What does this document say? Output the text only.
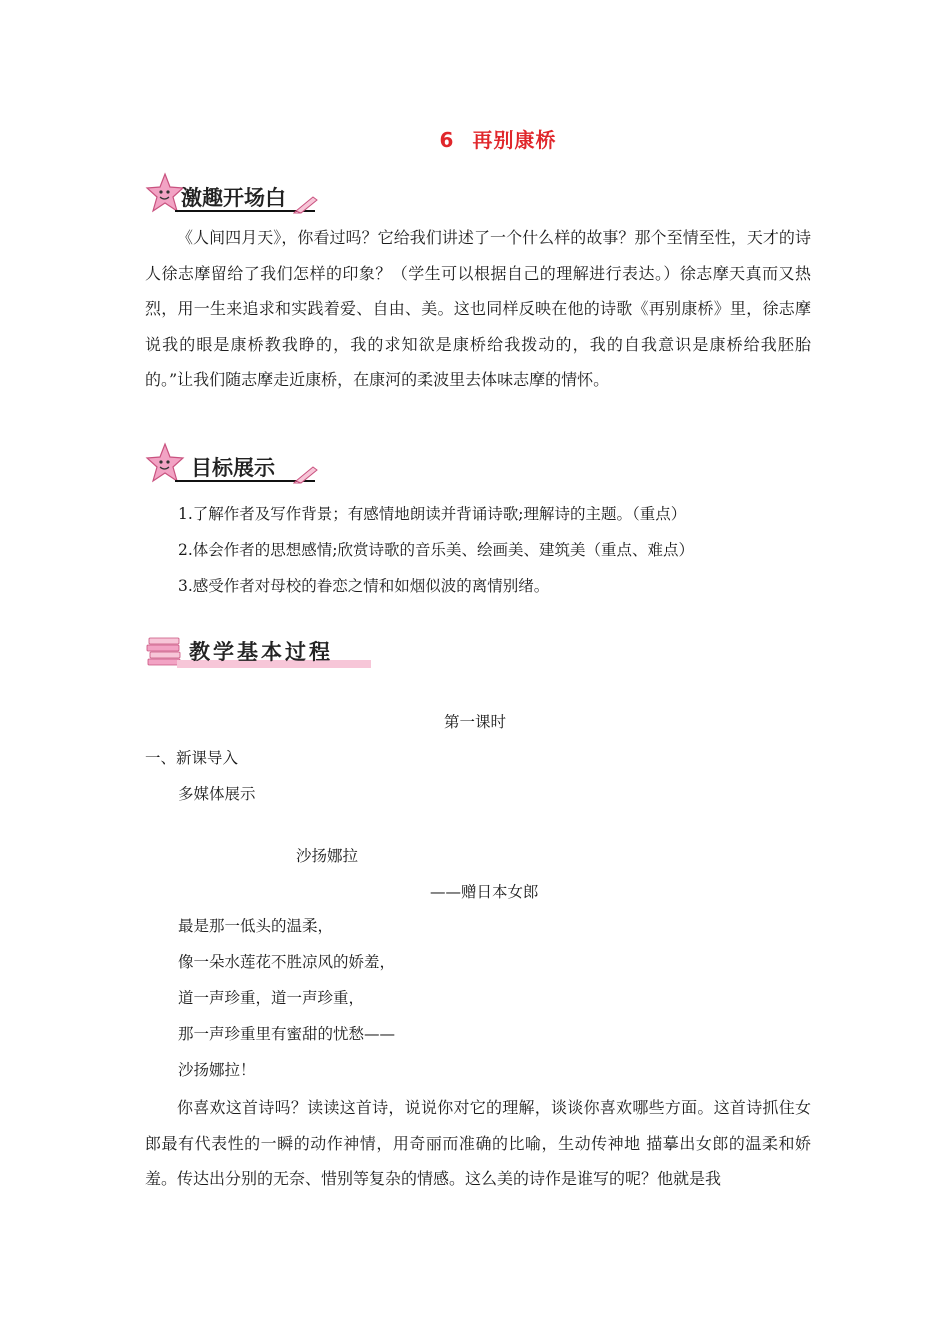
6 再别康桥
激趣开场白

《人间四月天》，你看过吗？它给我们讲述了一个什么样的故事？那个至情至性，天才的诗人徐志摩留给了我们怎样的印象？（学生可以根据自己的理解进行表达。）徐志摩天真而又热烈，用一生来追求和实践着爱、自由、美。这也同样反映在他的诗歌《再别康桥》里，徐志摩说我的眼是康桥教我睁的，我的求知欲是康桥给我拨动的，我的自我意识是康桥给我胚胎的。”让我们随志摩走近康桥，在康河的柔波里去体味志摩的情怀。

目标展示
1.了解作者及写作背景；有感情地朗读并背诵诗歌;理解诗的主题。（重点）
2.体会作者的思想感情;欣赏诗歌的音乐美、绘画美、建筑美（重点、难点）
3.感受作者对母校的眷恋之情和如烟似波的离情别绪。
教学基本过程
第一课时
一、新课导入
多媒体展示
沙扬娜拉
——赠日本女郎
最是那一低头的温柔，
像一朵水莲花不胜凉风的娇羞，
道一声珍重，道一声珍重，
那一声珍重里有蜜甜的忧愁——
沙扬娜拉！

你喜欢这首诗吗？读读这首诗，说说你对它的理解，谈谈你喜欢哪些方面。这首诗抓住女郎最有代表性的一瞬的动作神情，用奇丽而准确的比喻，生动传神地 描摹出女郎的温柔和娇羞。传达出分别的无奈、惜别等复杂的情感。这么美的诗作是谁写的呢？他就是我
